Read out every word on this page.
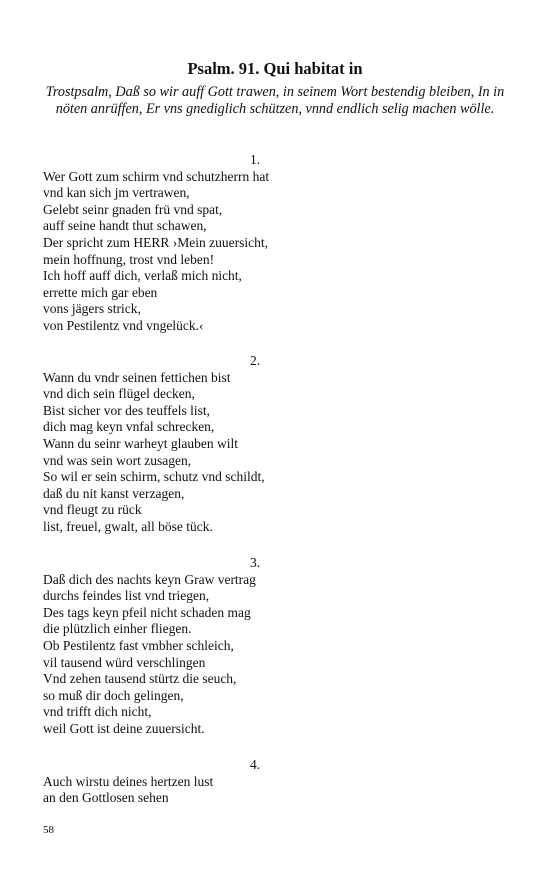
Psalm. 91. Qui habitat in

Trostpsalm, Daß so wir auff Gott trawen, in seinem Wort bestendig bleiben, In in nöten anrüffen, Er vns gnediglich schützen, vnnd endlich selig machen wölle.

1.
Wer Gott zum schirm vnd schutzherrn hat
vnd kan sich jm vertrawen,
Gelebt seinr gnaden frü vnd spat,
auff seine handt thut schawen,
Der spricht zum HERR ›Mein zuuersicht,
mein hoffnung, trost vnd leben!
Ich hoff auff dich, verlaß mich nicht,
errette mich gar eben
vons jägers strick,
von Pestilentz vnd vngelück.‹
2.
Wann du vndr seinen fettichen bist
vnd dich sein flügel decken,
Bist sicher vor des teuffels list,
dich mag keyn vnfal schrecken,
Wann du seinr warheyt glauben wilt
vnd was sein wort zusagen,
So wil er sein schirm, schutz vnd schildt,
daß du nit kanst verzagen,
vnd fleugt zu rück
list, freuel, gwalt, all böse tück.
3.
Daß dich des nachts keyn Graw vertrag
durchs feindes list vnd triegen,
Des tags keyn pfeil nicht schaden mag
die plützlich einher fliegen.
Ob Pestilentz fast vmbher schleich,
vil tausend würd verschlingen
Vnd zehen tausend stürtz die seuch,
so muß dir doch gelingen,
vnd trifft dich nicht,
weil Gott ist deine zuuersicht.
4.
Auch wirstu deines hertzen lust
an den Gottlosen sehen
58
